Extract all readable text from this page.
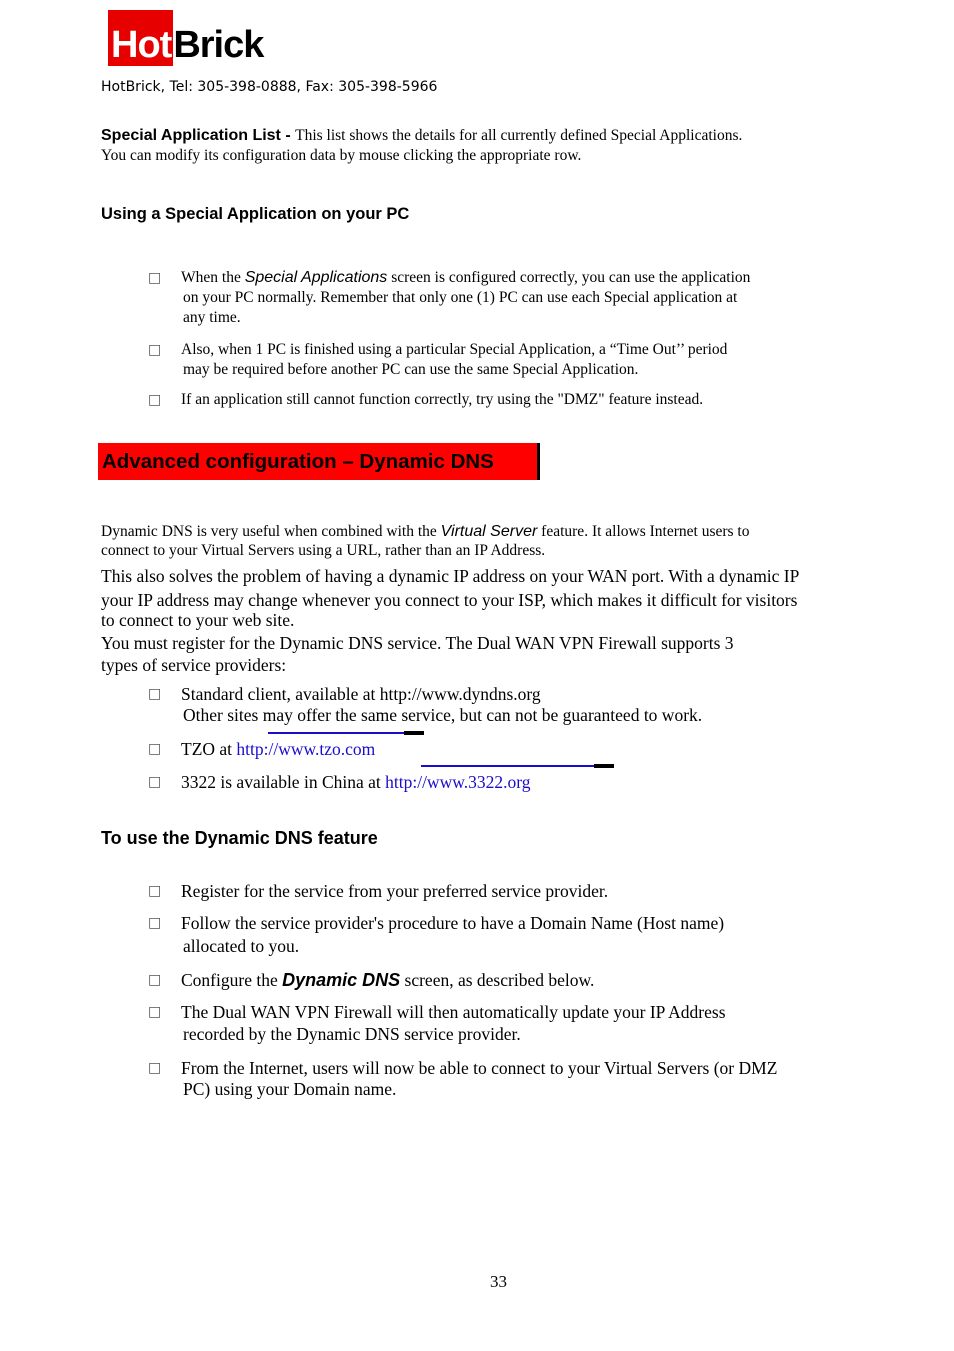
HotBrick
HotBrick, Tel: 305-398-0888, Fax: 305-398-5966
Special Application List - This list shows the details for all currently defined Special Applications.
You can modify its configuration data by mouse clicking the appropriate row.
Using a Special Application on your PC
□ When the Special Applications screen is configured correctly, you can use the application
on your PC normally. Remember that only one (1) PC can use each Special application at
any time.
□ Also, when 1 PC is finished using a particular Special Application, a “Time Out’’ period
may be required before another PC can use the same Special Application.
□ If an application still cannot function correctly, try using the "DMZ" feature instead.
Advanced configuration – Dynamic DNS
Dynamic DNS is very useful when combined with the Virtual Server feature. It allows Internet users to
connect to your Virtual Servers using a URL, rather than an IP Address.
This also solves the problem of having a dynamic IP address on your WAN port. With a dynamic IP
your IP address may change whenever you connect to your ISP, which makes it difficult for visitors
to connect to your web site.
You must register for the Dynamic DNS service. The Dual WAN VPN Firewall supports 3
types of service providers:
□ Standard client, available at http://www.dyndns.org
Other sites may offer the same service, but can not be guaranteed to work.
□ TZO at http://www.tzo.com
□ 3322 is available in China at http://www.3322.org
To use the Dynamic DNS feature
□ Register for the service from your preferred service provider.
□ Follow the service provider's procedure to have a Domain Name (Host name)
allocated to you.
□ Configure the Dynamic DNS screen, as described below.
□ The Dual WAN VPN Firewall will then automatically update your IP Address
recorded by the Dynamic DNS service provider.
□ From the Internet, users will now be able to connect to your Virtual Servers (or DMZ
PC) using your Domain name.
33
